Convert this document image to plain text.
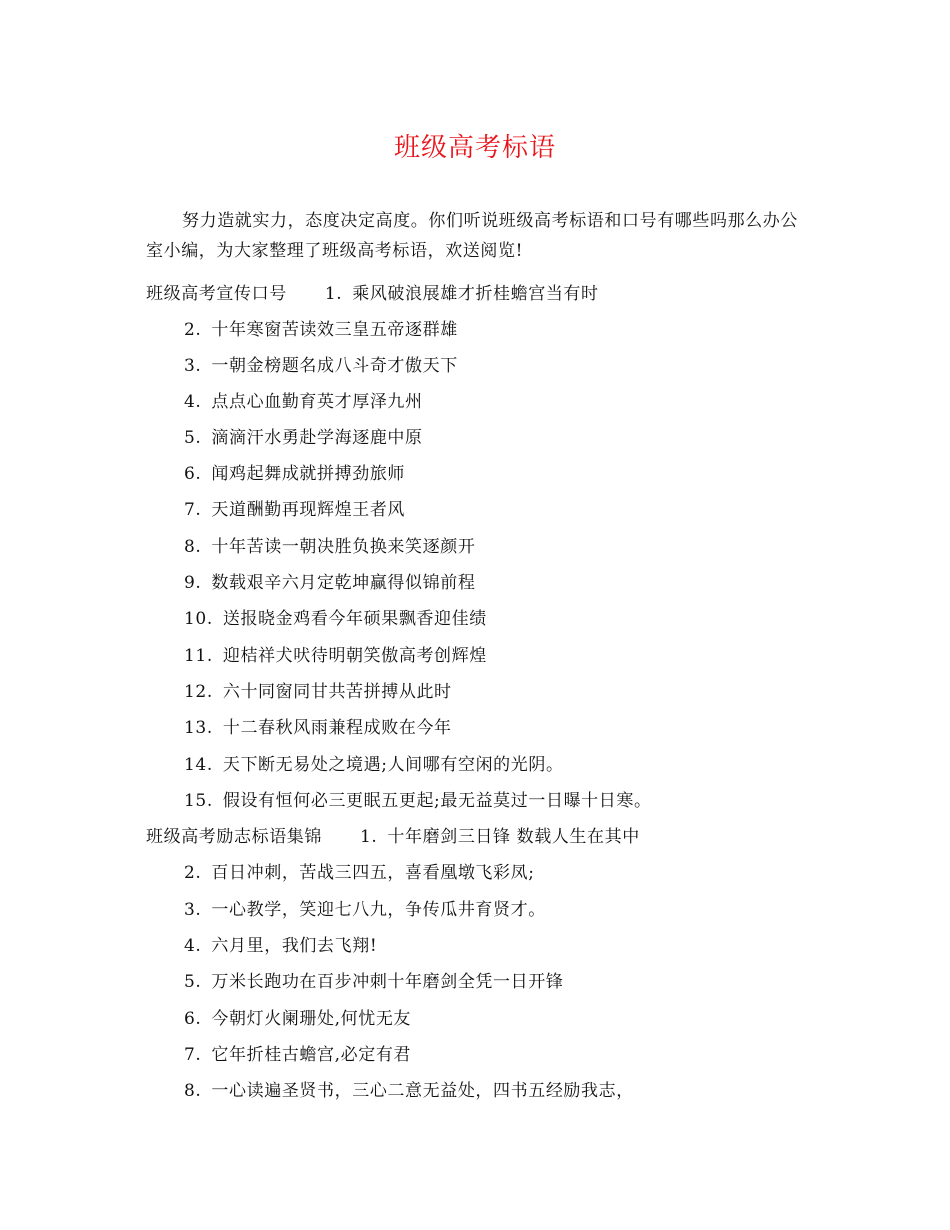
班级高考标语
努力造就实力，态度决定高度。你们听说班级高考标语和口号有哪些吗那么办公室小编，为大家整理了班级高考标语，欢送阅览!
班级高考宣传口号 1. 乘风破浪展雄才折桂蟾宫当有时
2. 十年寒窗苦读效三皇五帝逐群雄
3. 一朝金榜题名成八斗奇才傲天下
4. 点点心血勤育英才厚泽九州
5. 滴滴汗水勇赴学海逐鹿中原
6. 闻鸡起舞成就拼搏劲旅师
7. 天道酬勤再现辉煌王者风
8. 十年苦读一朝决胜负换来笑逐颜开
9. 数载艰辛六月定乾坤赢得似锦前程
10. 送报晓金鸡看今年硕果飘香迎佳绩
11. 迎桔祥犬吠待明朝笑傲高考创辉煌
12. 六十同窗同甘共苦拼搏从此时
13. 十二春秋风雨兼程成败在今年
14. 天下断无易处之境遇;人间哪有空闲的光阴。
15. 假设有恒何必三更眠五更起;最无益莫过一日曝十日寒。
班级高考励志标语集锦 1. 十年磨剑三日锋 数载人生在其中
2. 百日冲刺，苦战三四五，喜看凰墩飞彩凤;
3. 一心教学，笑迎七八九，争传瓜井育贤才。
4. 六月里，我们去飞翔!
5. 万米长跑功在百步冲刺十年磨剑全凭一日开锋
6. 今朝灯火阑珊处,何忧无友
7. 它年折桂古蟾宫,必定有君
8. 一心读遍圣贤书，三心二意无益处，四书五经励我志，
